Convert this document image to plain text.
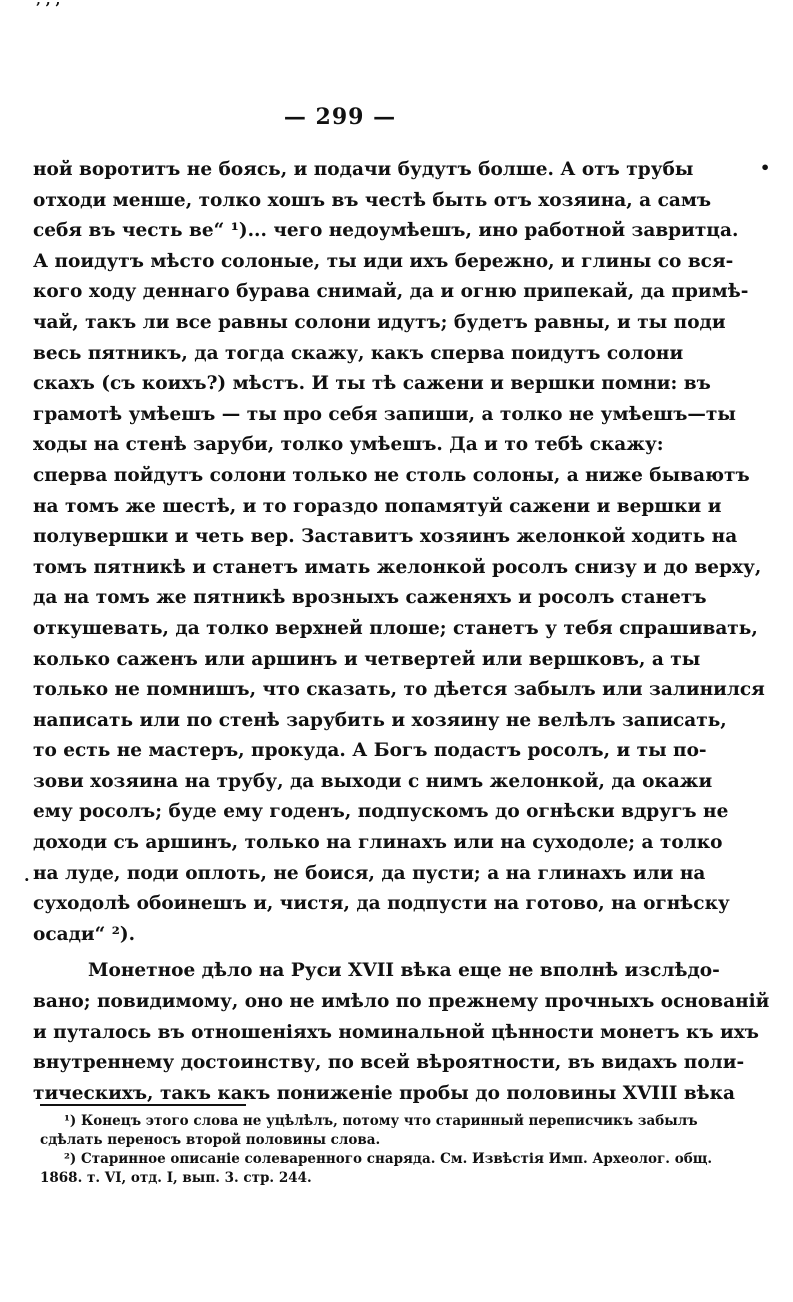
‚ , ,
— 299 —
•
.
ной воротитъ не боясь, и подачи будутъ болше. А отъ трубы
отходи менше, толко хошъ въ честѣ быть отъ хозяина, а самъ
себя въ честь ве“ ¹)... чего недоумѣешъ, ино работной завритца.
А поидутъ мѣсто солоные, ты иди ихъ бережно, и глины со вся-
кого ходу деннаго бурава снимай, да и огню припекай, да примѣ-
чай, такъ ли все равны солони идутъ; будетъ равны, и ты поди
весь пятникъ, да тогда скажу, какъ сперва поидутъ солони
скахъ (съ коихъ?) мѣстъ. И ты тѣ сажени и вершки помни: въ
грамотѣ умѣешъ — ты про себя запиши, а толко не умѣешъ—ты
ходы на стенѣ заруби, толко умѣешъ. Да и то тебѣ скажу:
сперва пойдутъ солони только не столь солоны, а ниже бываютъ
на томъ же шестѣ, и то гораздо попамятуй сажени и вершки и
полувершки и четь вер. Заставитъ хозяинъ желонкой ходить на
томъ пятникѣ и станетъ имать желонкой росолъ снизу и до верху,
да на томъ же пятникѣ врозныхъ саженяхъ и росолъ станетъ
откушевать, да толко верхней плоше; станетъ у тебя спрашивать,
колько саженъ или аршинъ и четвертей или вершковъ, а ты
только не помнишъ, что сказать, то дѣется забылъ или залинился
написать или по стенѣ зарубить и хозяину не велѣлъ записать,
то есть не мастеръ, прокуда. А Богъ подастъ росолъ, и ты по-
зови хозяина на трубу, да выходи с нимъ желонкой, да окажи
ему росолъ; буде ему годенъ, подпускомъ до огнѣски вдругъ не
доходи съ аршинъ, только на глинахъ или на суходоле; а толко
на луде, поди оплоть, не боися, да пусти; а на глинахъ или на
суходолѣ обоинешъ и, чистя, да подпусти на готово, на огнѣску
осади“ ²).
Монетное дѣло на Руси XVII вѣка еще не вполнѣ изслѣдо-
вано; повидимому, оно не имѣло по прежнему прочныхъ основанiй
и путалось въ отношенiяхъ номинальной цѣнности монетъ къ ихъ
внутреннему достоинству, по всей вѣроятности, въ видахъ поли-
тическихъ, такъ какъ пониженiе пробы до половины XVIII вѣка
¹) Конецъ этого слова не уцѣлѣлъ, потому что старинный переписчикъ забылъ
сдѣлать переносъ второй половины слова.
²) Старинное описанiе солеваренного снаряда. См. Извѣстiя Имп. Археолог. общ.
1868. т. VI, отд. I, вып. 3. стр. 244.
